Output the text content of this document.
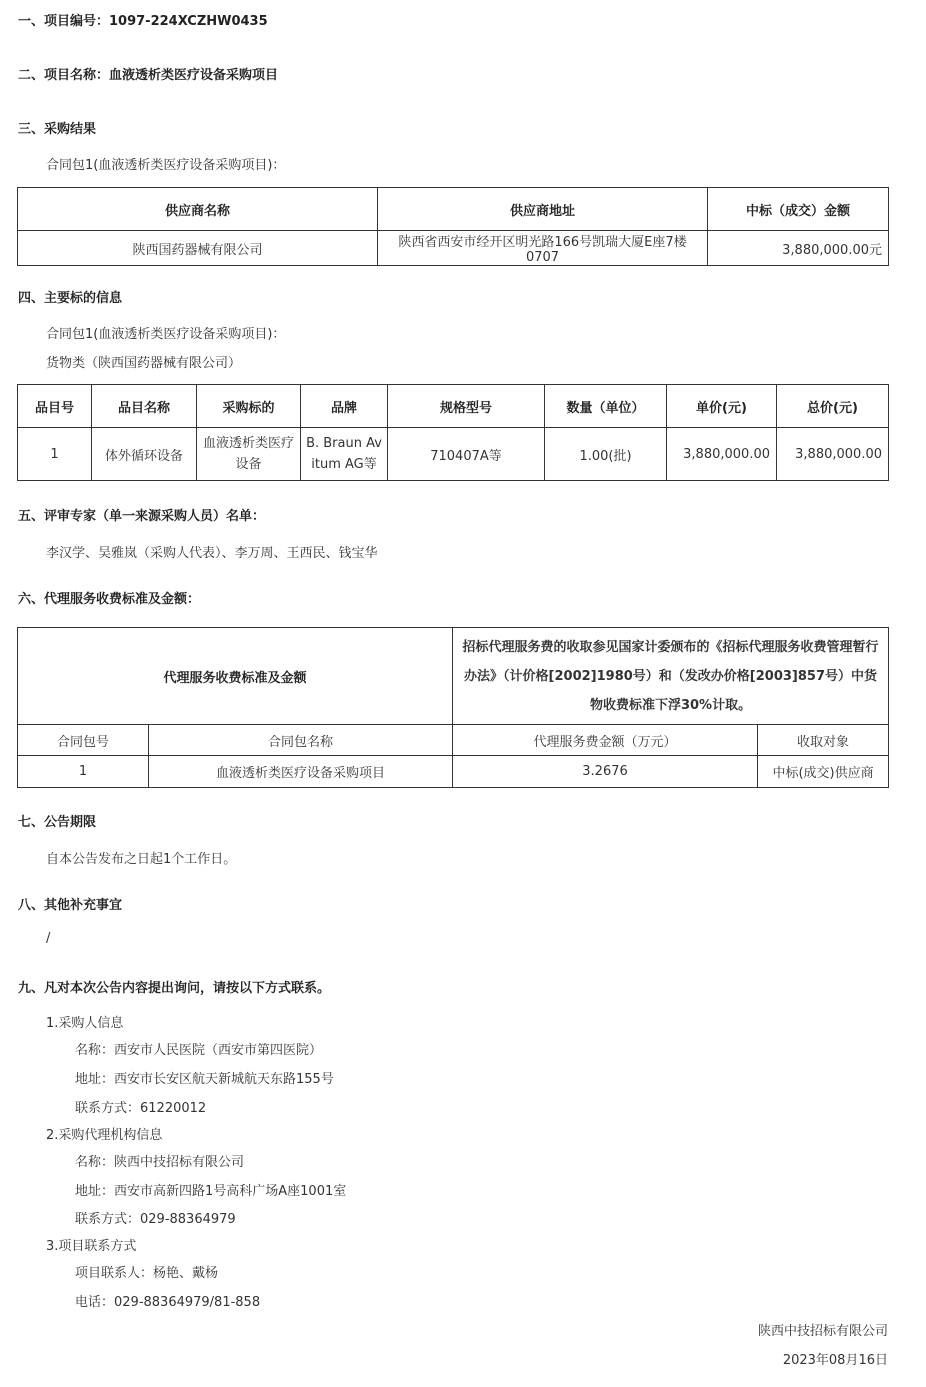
一、项目编号：1097-224XCZHW0435
二、项目名称：血液透析类医疗设备采购项目
三、采购结果
合同包1(血液透析类医疗设备采购项目)：
供应商名称	供应商地址	中标（成交）金额
陕西国药器械有限公司	陕西省西安市经开区明光路166号凯瑞大厦E座7楼0707	3,880,000.00元
四、主要标的信息
合同包1(血液透析类医疗设备采购项目)：
货物类（陕西国药器械有限公司）
品目号	品目名称	采购标的	品牌	规格型号	数量（单位）	单价(元)	总价(元)
1	体外循环设备	血液透析类医疗设备	B. Braun Avitum AG等	710407A等	1.00(批)	3,880,000.00	3,880,000.00
五、评审专家（单一来源采购人员）名单：
李汉学、吴雅岚（采购人代表）、李万周、王西民、钱宝华
六、代理服务收费标准及金额：
代理服务收费标准及金额		招标代理服务费的收取参见国家计委颁布的《招标代理服务收费管理暂行办法》（计价格[2002]1980号）和（发改办价格[2003]857号）中货物收费标准下浮30%计取。	
合同包号	合同包名称	代理服务费金额（万元）	收取对象
1	血液透析类医疗设备采购项目	3.2676	中标(成交)供应商
七、公告期限
自本公告发布之日起1个工作日。
八、其他补充事宜
/
九、凡对本次公告内容提出询问，请按以下方式联系。
1.采购人信息
名称：西安市人民医院（西安市第四医院）
地址：西安市长安区航天新城航天东路155号
联系方式：61220012
2.采购代理机构信息
名称：陕西中技招标有限公司
地址：西安市高新四路1号高科广场A座1001室
联系方式：029-88364979
3.项目联系方式
项目联系人：杨艳、戴杨
电话：029-88364979/81-858
陕西中技招标有限公司
2023年08月16日
